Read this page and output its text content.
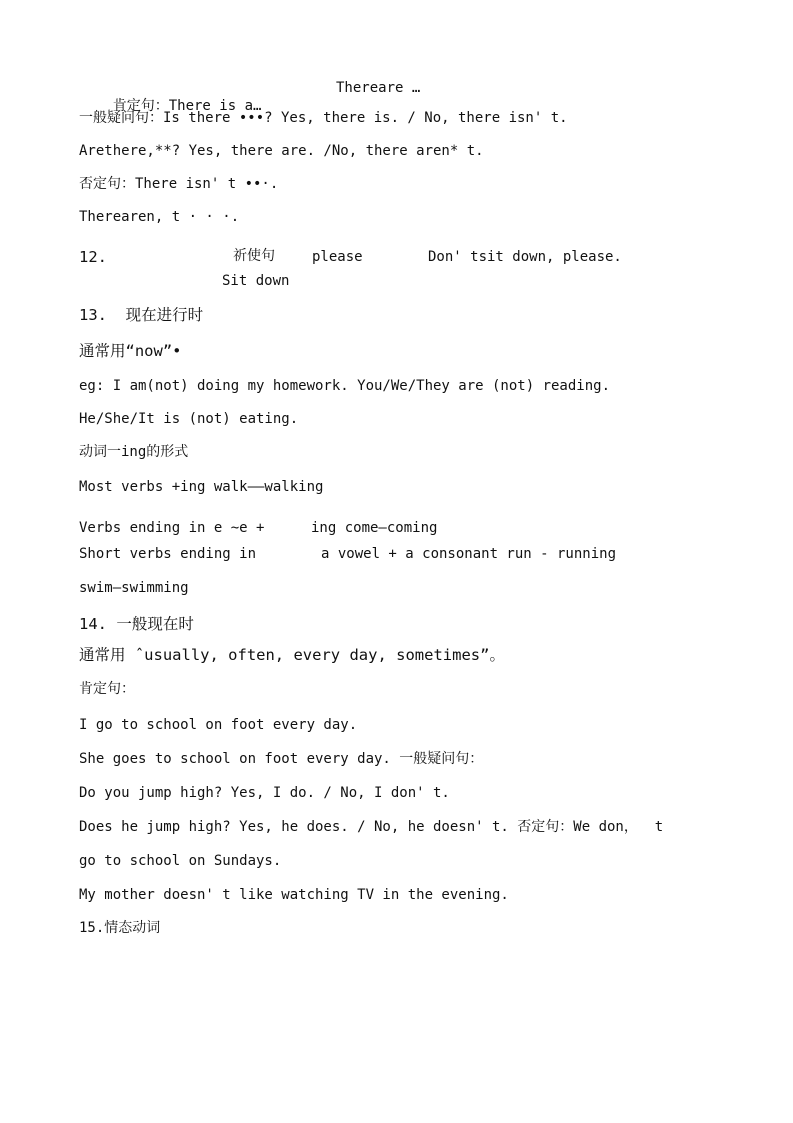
肯定句：There is a…

Thereare …

一般疑问句：Is there •••? Yes, there is. / No, there isn' t.

Arethere,**? Yes, there are. /No, there aren* t.

否定句：There isn' t ••·.

Therearen, t · · ·.

12.	祈使句	please	Don' tsit down, please.

Sit down

13.  现在进行时

通常用“now”•

eg: I am(not) doing my homework. You/We/They are (not) reading.

He/She/It is (not) eating.

动词一ing的形式

Most verbs +ing walk——walking

Verbs ending in e ~e +	ing come—coming

Short verbs ending in	a vowel + a consonant run - running

swim—swimming

14. 一般现在时

通常用 ˆusually, often, every day, sometimes”。

肯定句：

I go to school on foot every day.

She goes to school on foot every day. 一般疑问句：

Do you jump high? Yes, I do. / No, I don' t.

Does he jump high? Yes, he does. / No, he doesn' t. 否定句：We don，  t

go to school on Sundays.

My mother doesn' t like watching TV in the evening.

15.情态动词
